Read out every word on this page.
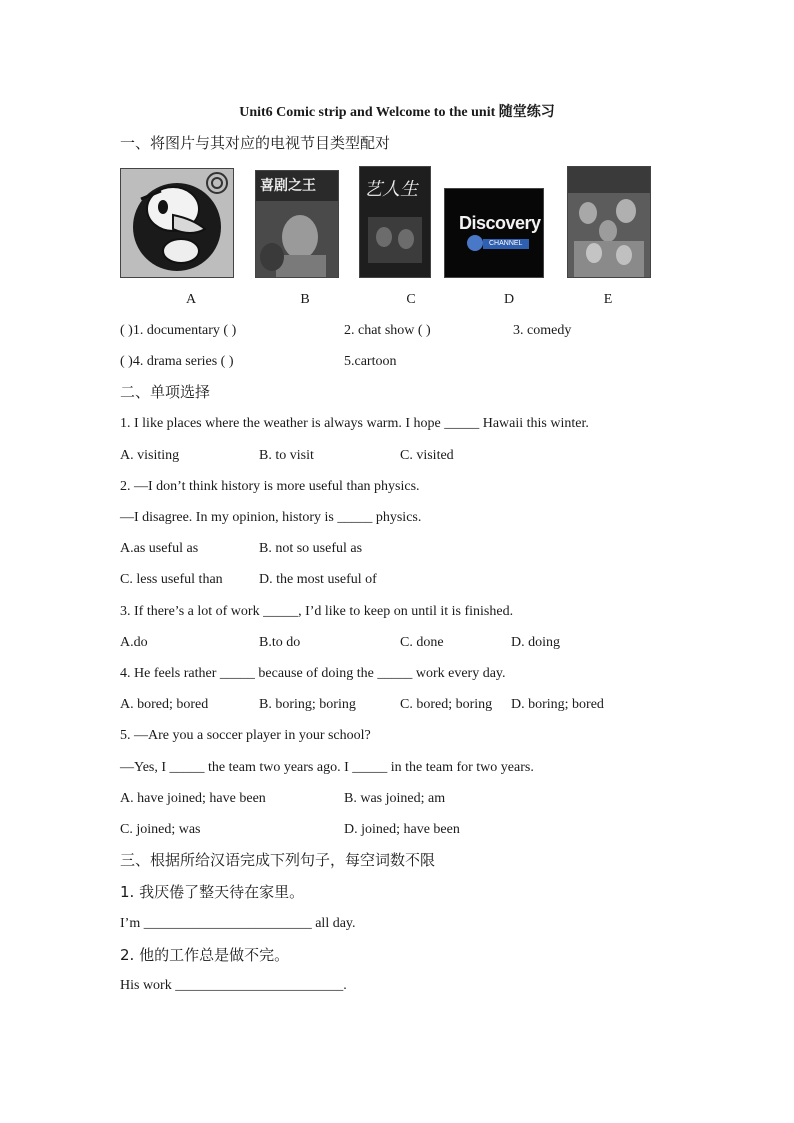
Unit6 Comic strip and Welcome to the unit 随堂练习
一、将图片与其对应的电视节目类型配对
A
喜剧之王
B
艺人生
C
Discovery
CHANNEL
D	E
( )1. documentary ( )	2. chat show ( )	3. comedy
( )4. drama series ( )	5.cartoon
二、单项选择
1. I like places where the weather is always warm. I hope _____ Hawaii this winter.
A. visiting	B. to visit	C. visited
2. —I don’t think history is more useful than physics.
—I disagree. In my opinion, history is _____ physics.
A.as useful as	B. not so useful as
C. less useful than	D. the most useful of
3. If there’s a lot of work _____, I’d like to keep on until it is finished.
A.do	B.to do	C. done	D. doing
4. He feels rather _____ because of doing the _____ work every day.
A. bored; bored	B. boring; boring	C. bored; boring D. boring; bored
5. —Are you a soccer player in your school?
—Yes, I _____ the team two years ago. I _____ in the team for two years.
A. have joined; have been	B. was joined; am
C. joined; was	D. joined; have been
三、根据所给汉语完成下列句子，每空词数不限
1. 我厌倦了整天待在家里。
I’m ________________________ all day.
2. 他的工作总是做不完。
His work ________________________.
